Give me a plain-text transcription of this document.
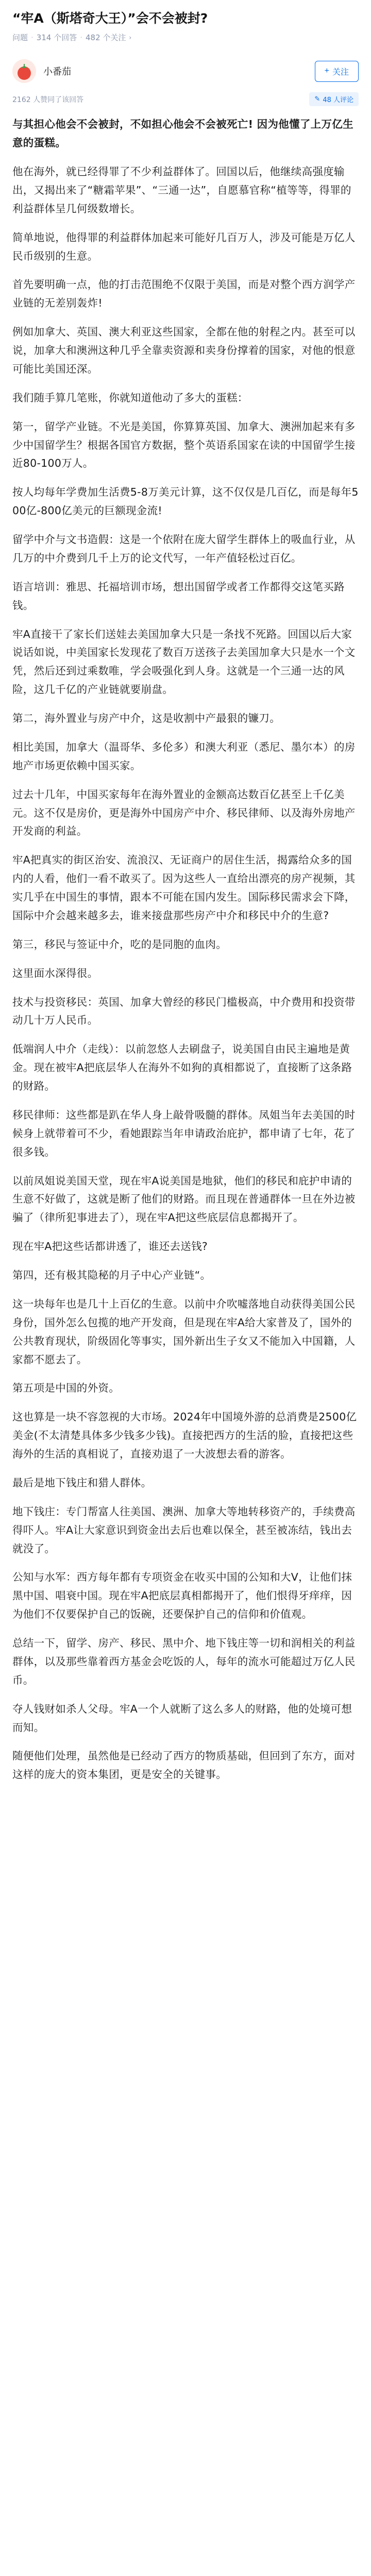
“牢A（斯塔奇大王）”会不会被封?
问题 · 314 个回答 · 482 个关注 ›
小番茄	+ 关注
2162 人赞同了该回答	✎ 48 人评论

与其担心他会不会被封，不如担心他会不会被死亡! 因为他懂了上万亿生意的蛋糕。

他在海外，就已经得罪了不少利益群体了。回国以后，他继续高强度输出，又揭出来了“糖霜苹果”、“三通一达”，自愿慕官称“植等等，得罪的利益群体呈几何级数增长。

简单地说，他得罪的利益群体加起来可能好几百万人，涉及可能是万亿人民币级别的生意。

首先要明确一点，他的打击范围绝不仅限于美国，而是对整个西方润学产业链的无差别轰炸!

例如加拿大、英国、澳大利亚这些国家，全都在他的射程之内。甚至可以说，加拿大和澳洲这种几乎全靠卖资源和卖身份撑着的国家，对他的恨意可能比美国还深。

我们随手算几笔账，你就知道他动了多大的蛋糕：

第一，留学产业链。不光是美国，你算算英国、加拿大、澳洲加起来有多少中国留学生？根据各国官方数据，整个英语系国家在读的中国留学生接近80-100万人。

按人均每年学费加生活费5-8万美元计算，这不仅仅是几百亿，而是每年500亿-800亿美元的巨额现金流!

留学中介与文书造假：这是一个依附在庞大留学生群体上的吸血行业，从几万的中介费到几千上万的论文代写，一年产值轻松过百亿。

语言培训：雅思、托福培训市场，想出国留学或者工作都得交这笔买路钱。

牢A直接干了家长们送娃去美国加拿大只是一条找不死路。回国以后大家说话如说，中美国家长发现花了数百万送孩子去美国加拿大只是水一个文凭，然后还到过乘数唯，学会吸强化到人身。这就是一个三通一达的风险，这几千亿的产业链就要崩盘。

第二，海外置业与房产中介，这是收割中产最狠的镰刀。

相比美国，加拿大（温哥华、多伦多）和澳大利亚（悉尼、墨尔本）的房地产市场更依赖中国买家。

过去十几年，中国买家每年在海外置业的金额高达数百亿甚至上千亿美元。这不仅是房价，更是海外中国房产中介、移民律师、以及海外房地产开发商的利益。

牢A把真实的街区治安、流浪汉、无证商户的居住生活，揭露给众多的国内的人看，他们一看不敢买了。因为这些人一直给出漂亮的房产视频，其实几乎在中国生的事情，跟本不可能在国内发生。国际移民需求会下降，国际中介会越来越多去，谁来接盘那些房产中介和移民中介的生意?

第三，移民与签证中介，吃的是同胞的血肉。

这里面水深得很。

技术与投资移民：英国、加拿大曾经的移民门槛极高，中介费用和投资带动几十万人民币。

低端润人中介（走线）：以前忽悠人去刷盘子，说美国自由民主遍地是黄金。现在被牢A把底层华人在海外不如狗的真相都说了，直接断了这条路的财路。

移民律师：这些都是趴在华人身上敲骨吸髓的群体。凤姐当年去美国的时候身上就带着可不少，看她跟踪当年申请政治庇护，都申请了七年，花了很多钱。

以前凤姐说美国天堂，现在牢A说美国是地狱，他们的移民和庇护申请的生意不好做了，这就是断了他们的财路。而且现在普通群体一旦在外边被骗了（律所犯事进去了），现在牢A把这些底层信息都揭开了。

现在牢A把这些话都讲透了，谁还去送钱?

第四，还有极其隐秘的月子中心产业链“。

这一块每年也是几十上百亿的生意。以前中介吹嘘落地自动获得美国公民身份，国外怎么包揽的地产开发商，但是现在牢A给大家普及了，国外的公共教育现状，阶级固化等事实，国外新出生子女又不能加入中国籍，人家都不愿去了。

第五项是中国的外资。

这也算是一块不容忽视的大市场。2024年中国境外游的总消费是2500亿美金(不太清楚具体多少钱多少钱)。直接把西方的生活的脸，直接把这些海外的生活的真相说了，直接劝退了一大波想去看的游客。

最后是地下钱庄和猎人群体。

地下钱庄：专门帮富人往美国、澳洲、加拿大等地转移资产的，手续费高得吓人。牢A让大家意识到资金出去后也难以保全，甚至被冻结，钱出去就没了。

公知与水军：西方每年都有专项资金在收买中国的公知和大V，让他们抹黑中国、唱衰中国。现在牢A把底层真相都揭开了，他们恨得牙痒痒，因为他们不仅要保护自己的饭碗，还要保护自己的信仰和价值观。

总结一下，留学、房产、移民、黑中介、地下钱庄等一切和润相关的利益群体，以及那些靠着西方基金会吃饭的人，每年的流水可能超过万亿人民币。

夺人钱财如杀人父母。牢A一个人就断了这么多人的财路，他的处境可想而知。

随便他们处理，虽然他是已经动了西方的物质基础，但回到了东方，面对这样的庞大的资本集团，更是安全的关键事。
